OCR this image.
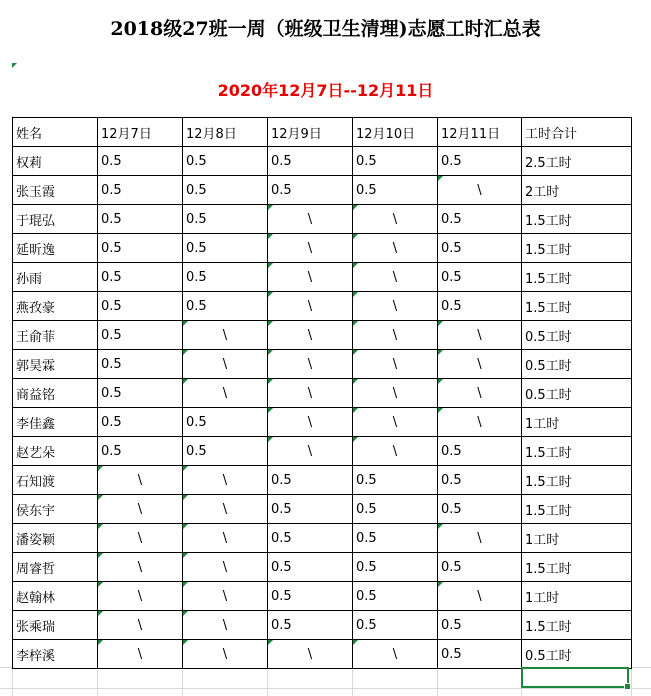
2018级27班一周（班级卫生清理)志愿工时汇总表
2020年12月7日--12月11日
姓名	12月7日	12月8日	12月9日	12月10日	12月11日	工时合计
权莉	0.5	0.5	0.5	0.5	0.5	2.5工时
张玉霞	0.5	0.5	0.5	0.5	\	2工时
于琨弘	0.5	0.5	\	\	0.5	1.5工时
延昕逸	0.5	0.5	\	\	0.5	1.5工时
孙雨	0.5	0.5	\	\	0.5	1.5工时
燕孜豪	0.5	0.5	\	\	0.5	1.5工时
王俞菲	0.5	\	\	\	\	0.5工时
郭昊霖	0.5	\	\	\	\	0.5工时
商益铭	0.5	\	\	\	\	0.5工时
李佳鑫	0.5	0.5	\	\	\	1工时
赵艺朵	0.5	0.5	\	\	0.5	1.5工时
石知渡	\	\	0.5	0.5	0.5	1.5工时
侯东宇	\	\	0.5	0.5	0.5	1.5工时
潘姿颖	\	\	0.5	0.5	\	1工时
周睿哲	\	\	0.5	0.5	0.5	1.5工时
赵翰林	\	\	0.5	0.5	\	1工时
张乘瑞	\	\	0.5	0.5	0.5	1.5工时
李梓溪	\	\	\	\	0.5	0.5工时
